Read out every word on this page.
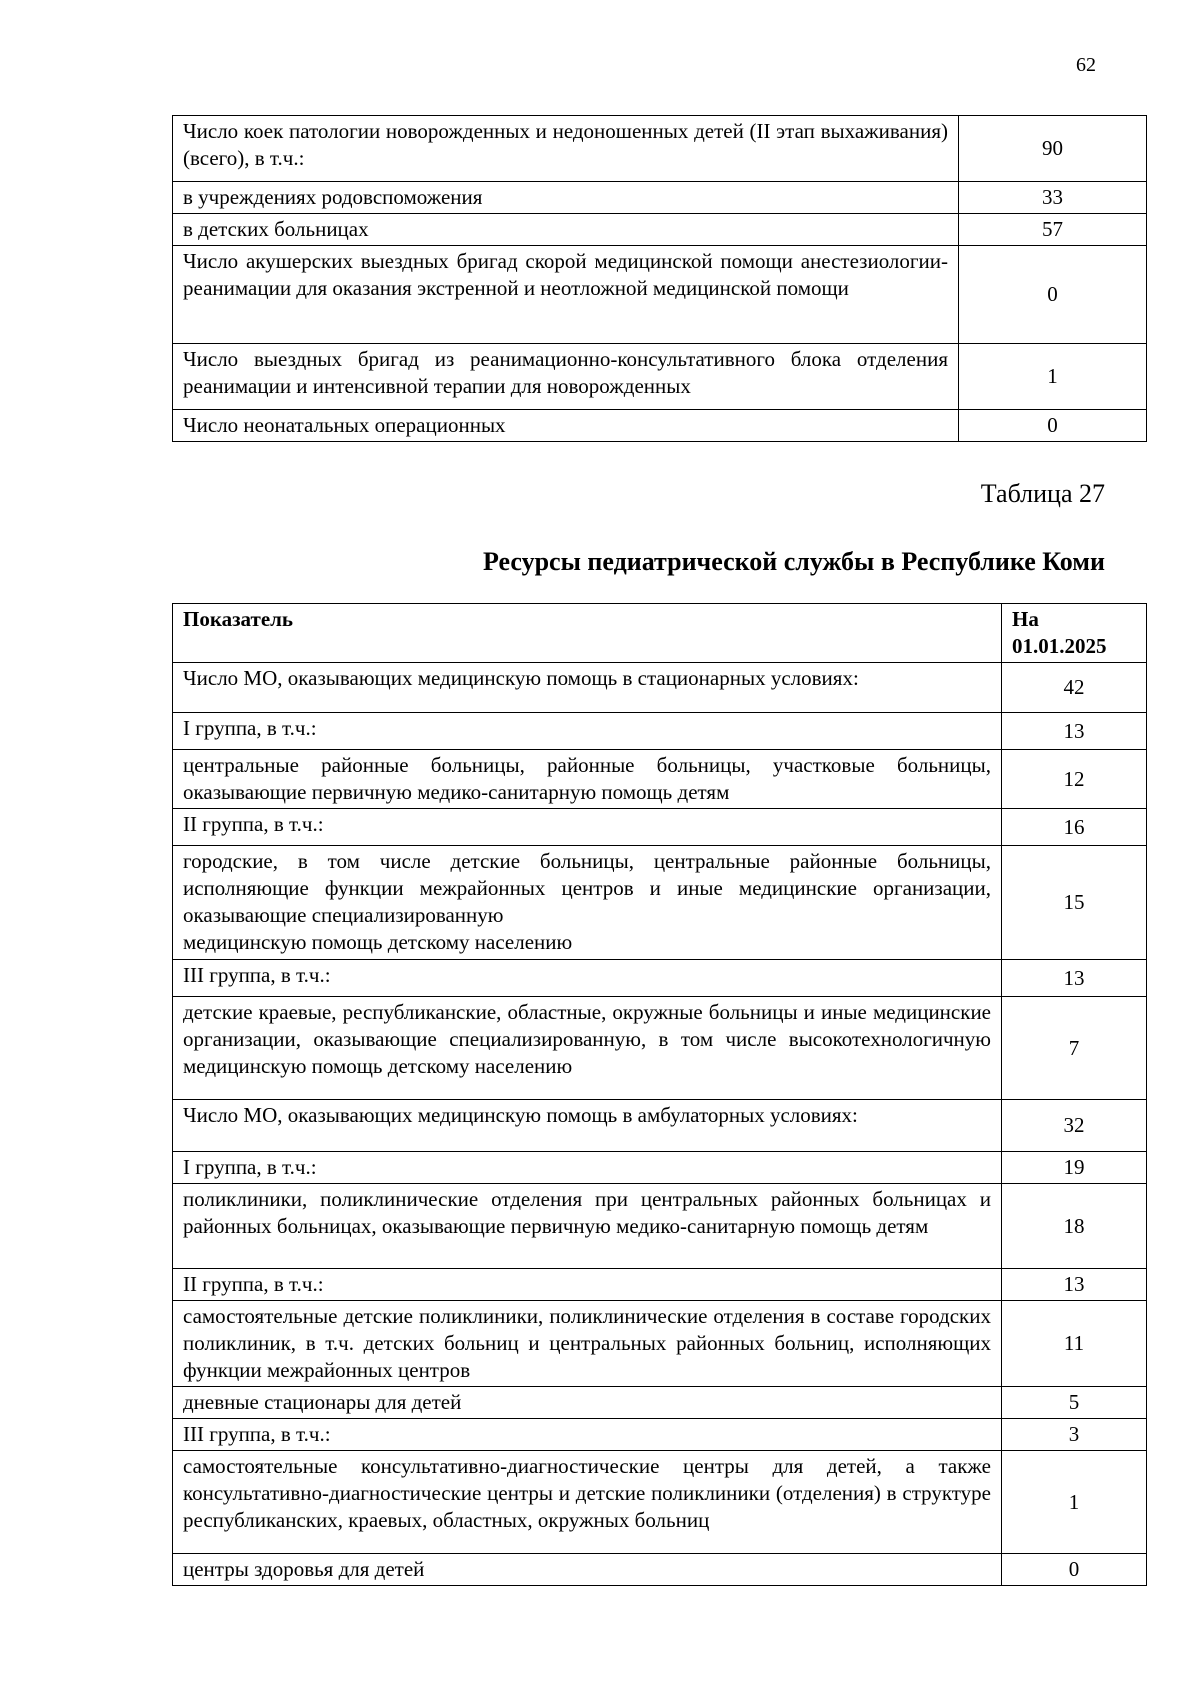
62
Число коек патологии новорожденных и недоношенных детей (II этап выхаживания) (всего), в т.ч.:	90
в учреждениях родовспоможения	33
в детских больницах	57
Число акушерских выездных бригад скорой медицинской помощи анестезиологии-реанимации для оказания экстренной и неотложной медицинской помощи	0
Число выездных бригад из реанимационно-консультативного блока отделения реанимации и интенсивной терапии для новорожденных	1
Число неонатальных операционных	0
Таблица 27
Ресурсы педиатрической службы в Республике Коми
Показатель	На
01.01.2025

Число МО, оказывающих медицинскую помощь в стационарных условиях:	42
I группа, в т.ч.:	13
центральные районные больницы, районные больницы, участковые больницы, оказывающие первичную медико-санитарную помощь детям	12
II группа, в т.ч.:	16

городские, в том числе детские больницы, центральные районные больницы, исполняющие функции межрайонных центров и иные медицинские организации, оказывающие специализированную
медицинскую помощь детскому населению	15
III группа, в т.ч.:	13
детские краевые, республиканские, областные, окружные больницы и иные медицинские организации, оказывающие специализированную, в том числе высокотехнологичную медицинскую помощь детскому населению	7
Число МО, оказывающих медицинскую помощь в амбулаторных условиях:	32
I группа, в т.ч.:	19
поликлиники, поликлинические отделения при центральных районных больницах и районных больницах, оказывающие первичную медико-санитарную помощь детям	18
II группа, в т.ч.:	13
самостоятельные детские поликлиники, поликлинические отделения в составе городских поликлиник, в т.ч. детских больниц и центральных районных больниц, исполняющих функции межрайонных центров	11
дневные стационары для детей	5
III группа, в т.ч.:	3
самостоятельные консультативно-диагностические центры для детей, а также консультативно-диагностические центры и детские поликлиники (отделения) в структуре республиканских, краевых, областных, окружных больниц	1
центры здоровья для детей	0
